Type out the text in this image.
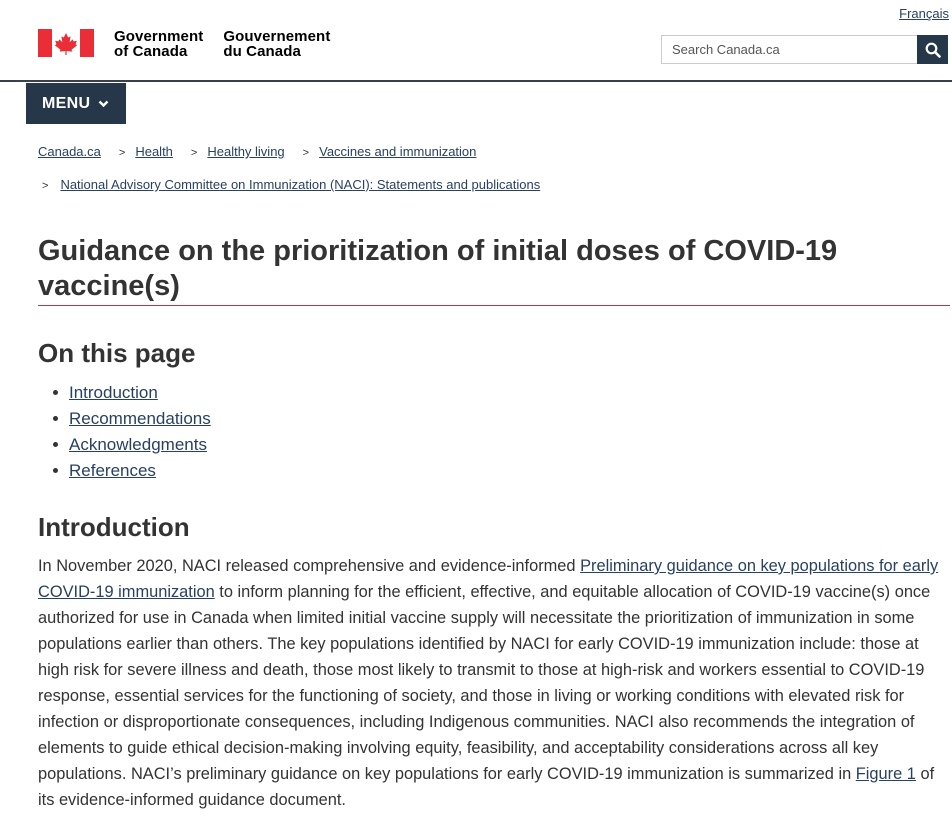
Français
Government
of Canada
Gouvernement
du Canada
Search Canada.ca
MENU
Canada.ca > Health > Healthy living > Vaccines and immunization
> National Advisory Committee on Immunization (NACI): Statements and publications
Guidance on the prioritization of initial doses of COVID-19 vaccine(s)
On this page
Introduction
Recommendations
Acknowledgments
References
Introduction

In November 2020, NACI released comprehensive and evidence-informed Preliminary guidance on key populations for early COVID-19 immunization to inform planning for the efficient, effective, and equitable allocation of COVID-19 vaccine(s) once authorized for use in Canada when limited initial vaccine supply will necessitate the prioritization of immunization in some populations earlier than others. The key populations identified by NACI for early COVID-19 immunization include: those at high risk for severe illness and death, those most likely to transmit to those at high-risk and workers essential to COVID-19 response, essential services for the functioning of society, and those in living or working conditions with elevated risk for infection or disproportionate consequences, including Indigenous communities. NACI also recommends the integration of elements to guide ethical decision-making involving equity, feasibility, and acceptability considerations across all key populations. NACI’s preliminary guidance on key populations for early COVID-19 immunization is summarized in Figure 1 of its evidence-informed guidance document.
